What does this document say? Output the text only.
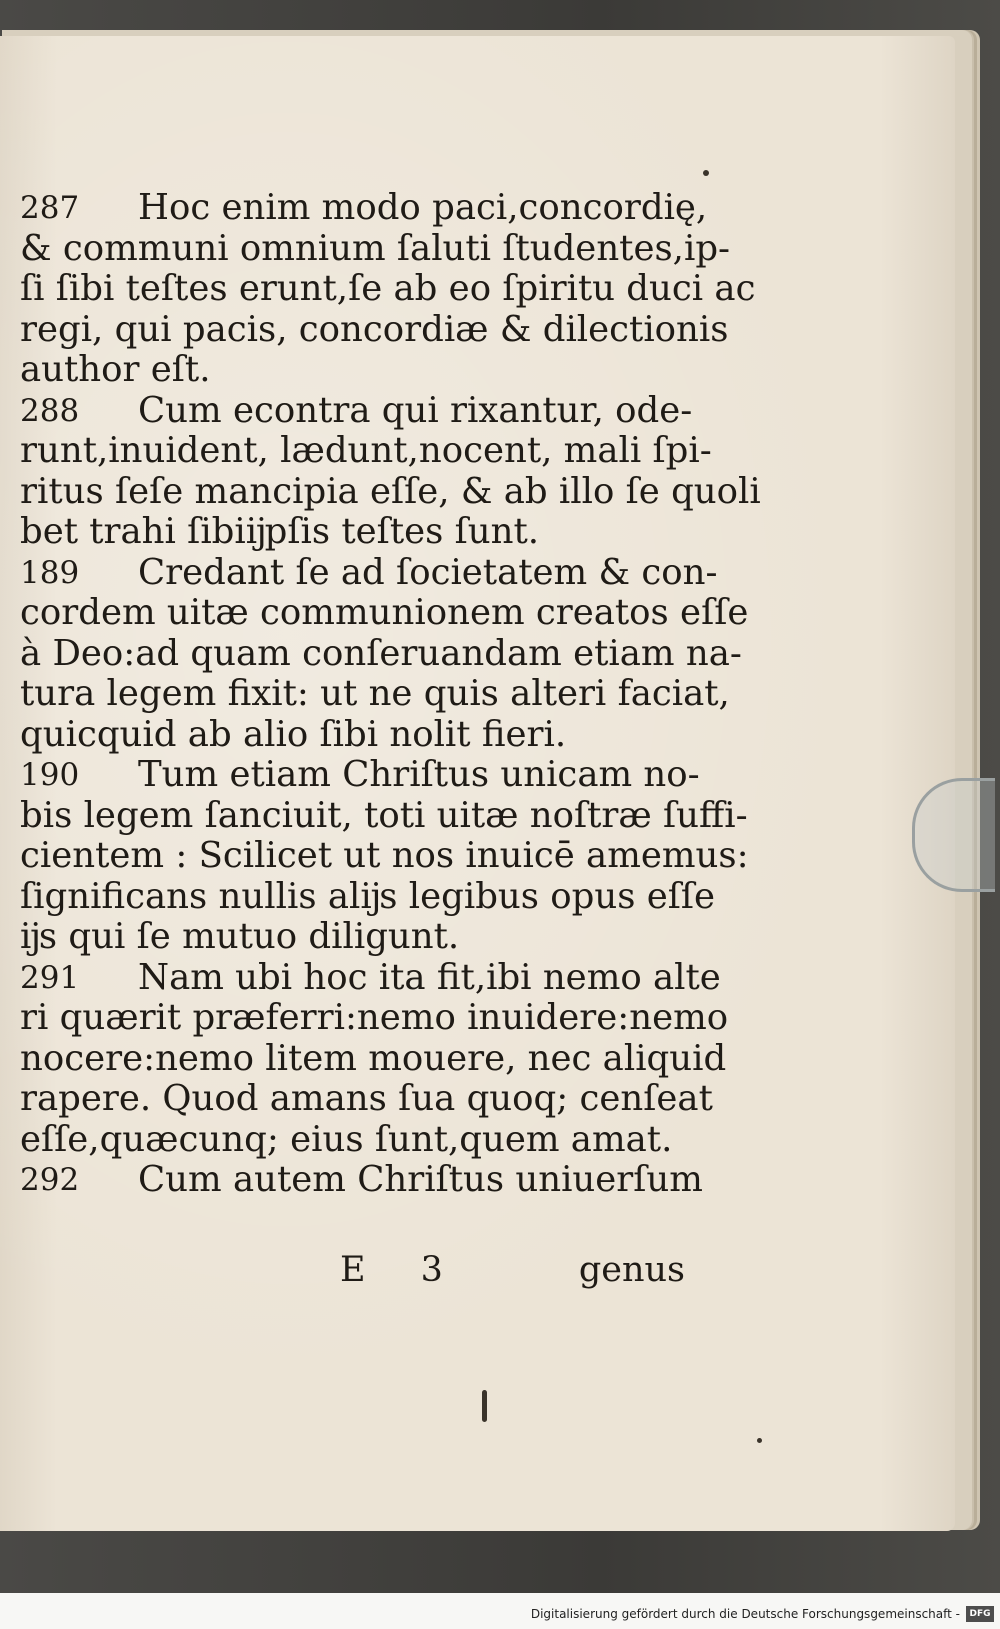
287	Hoc enim modo paci,concordię,
& communi omnium ſaluti ſtudentes,ip-
ſi ſibi teſtes erunt,ſe ab eo ſpiritu duci ac
regi, qui pacis, concordiæ & dilectionis
author eſt.
288	Cum econtra qui rixantur, ode-
runt,inuident, lædunt,nocent, mali ſpi-
ritus ſeſe mancipia eſſe, & ab illo ſe quoli
bet trahi ſibiĳpſis teſtes ſunt.
189	Credant ſe ad ſocietatem & con-
cordem uitæ communionem creatos eſſe
à Deo:ad quam conſeruandam etiam na-
tura legem fixit: ut ne quis alteri faciat,
quicquid ab alio ſibi nolit fieri.
190	Tum etiam Chriſtus unicam no-
bis legem ſanciuit, toti uitæ noſtræ ſuffi-
cientem : Scilicet ut nos inuicē amemus:
ſignificans nullis alĳs legibus opus eſſe
ĳs qui ſe mutuo diligunt.
291	Nam ubi hoc ita fit,ibi nemo alte
ri quærit præferri:nemo inuidere:nemo
nocere:nemo litem mouere, nec aliquid
rapere. Quod amans ſua quoq; cenſeat
eſſe,quæcunq; eius ſunt,quem amat.
292	Cum autem Chriſtus uniuerſum
E 3	genus
Digitalisierung gefördert durch die Deutsche Forschungsgemeinschaft -	DFG
